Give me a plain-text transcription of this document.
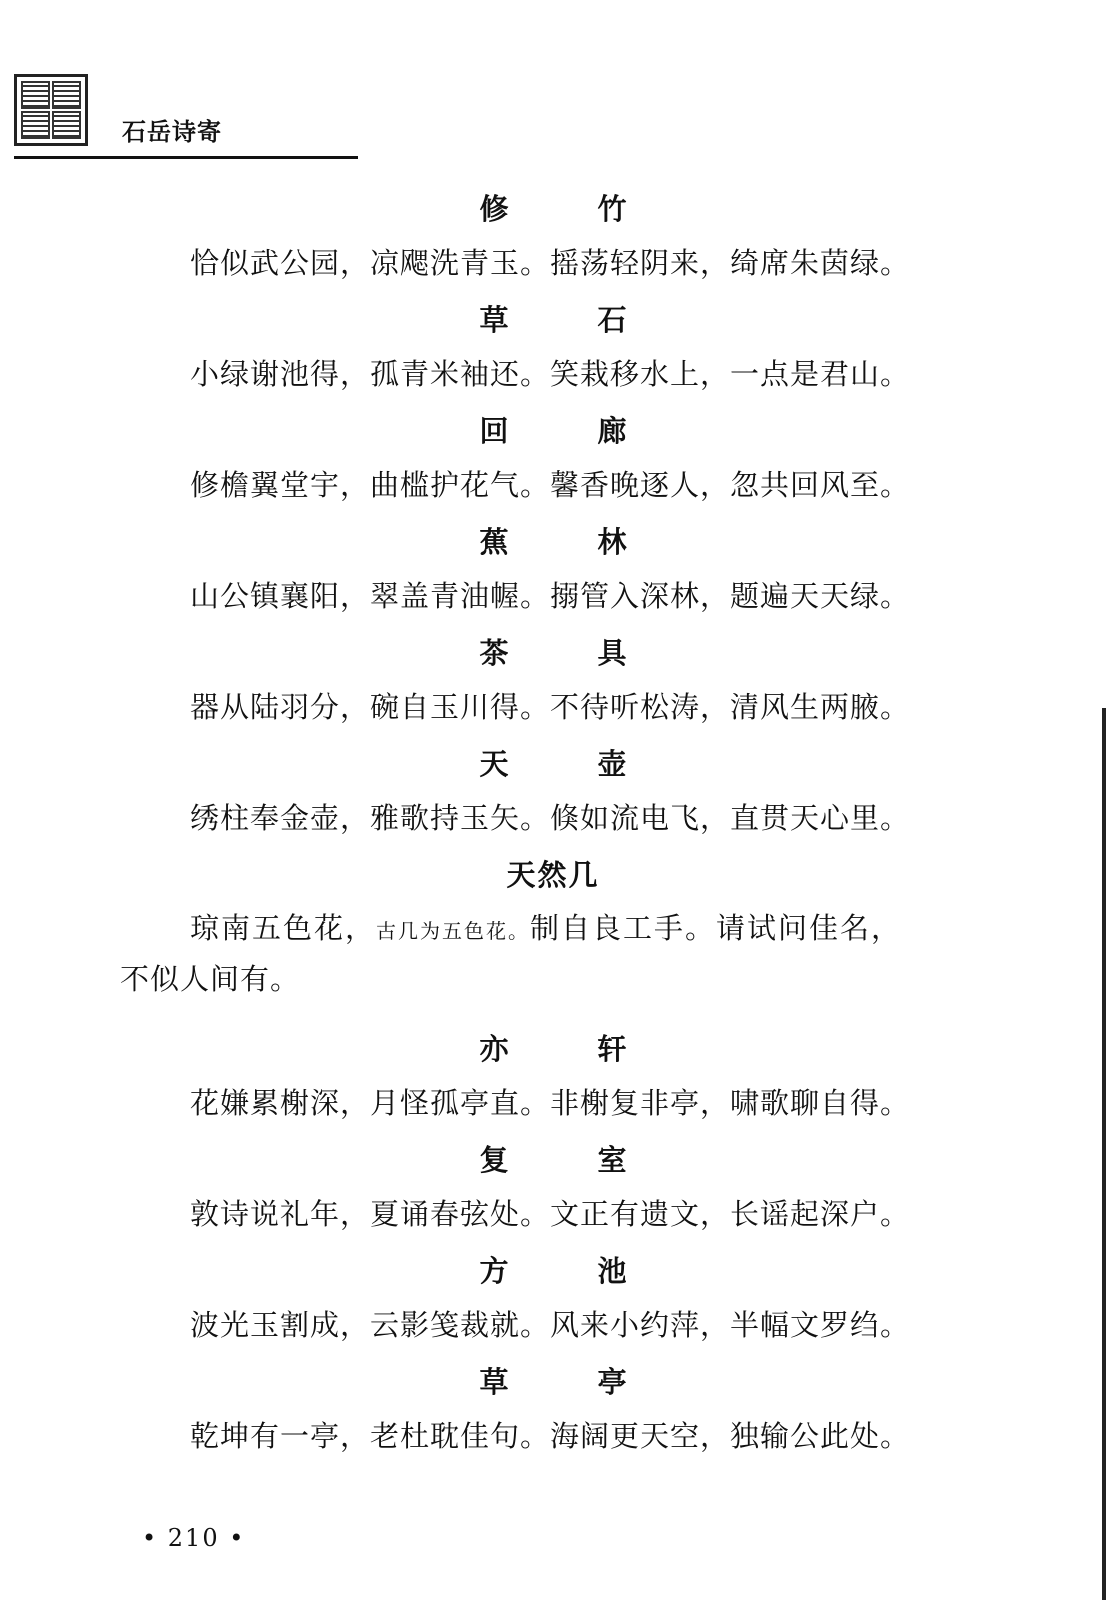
石岳诗寄
修　竹
恰似武公园，凉飔洗青玉。摇荡轻阴来，绮席朱茵绿。
草　石
小绿谢池得，孤青米袖还。笑栽移水上，一点是君山。
回　廊
修檐翼堂宇，曲槛护花气。馨香晚逐人，忽共回风至。
蕉　林
山公镇襄阳，翠盖青油幄。搦管入深林，题遍天天绿。
茶　具
器从陆羽分，碗自玉川得。不待听松涛，清风生两腋。
天　壶
绣柱奉金壶，雅歌持玉矢。倏如流电飞，直贯天心里。
天然几
琼南五色花，古几为五色花。制自良工手。请试问佳名，
不似人间有。
亦　轩
花嫌累榭深，月怪孤亭直。非榭复非亭，啸歌聊自得。
复　室
敦诗说礼年，夏诵春弦处。文正有遗文，长谣起深户。
方　池
波光玉割成，云影笺裁就。风来小约萍，半幅文罗绉。
草　亭
乾坤有一亭，老杜耽佳句。海阔更天空，独输公此处。
• 210 •
